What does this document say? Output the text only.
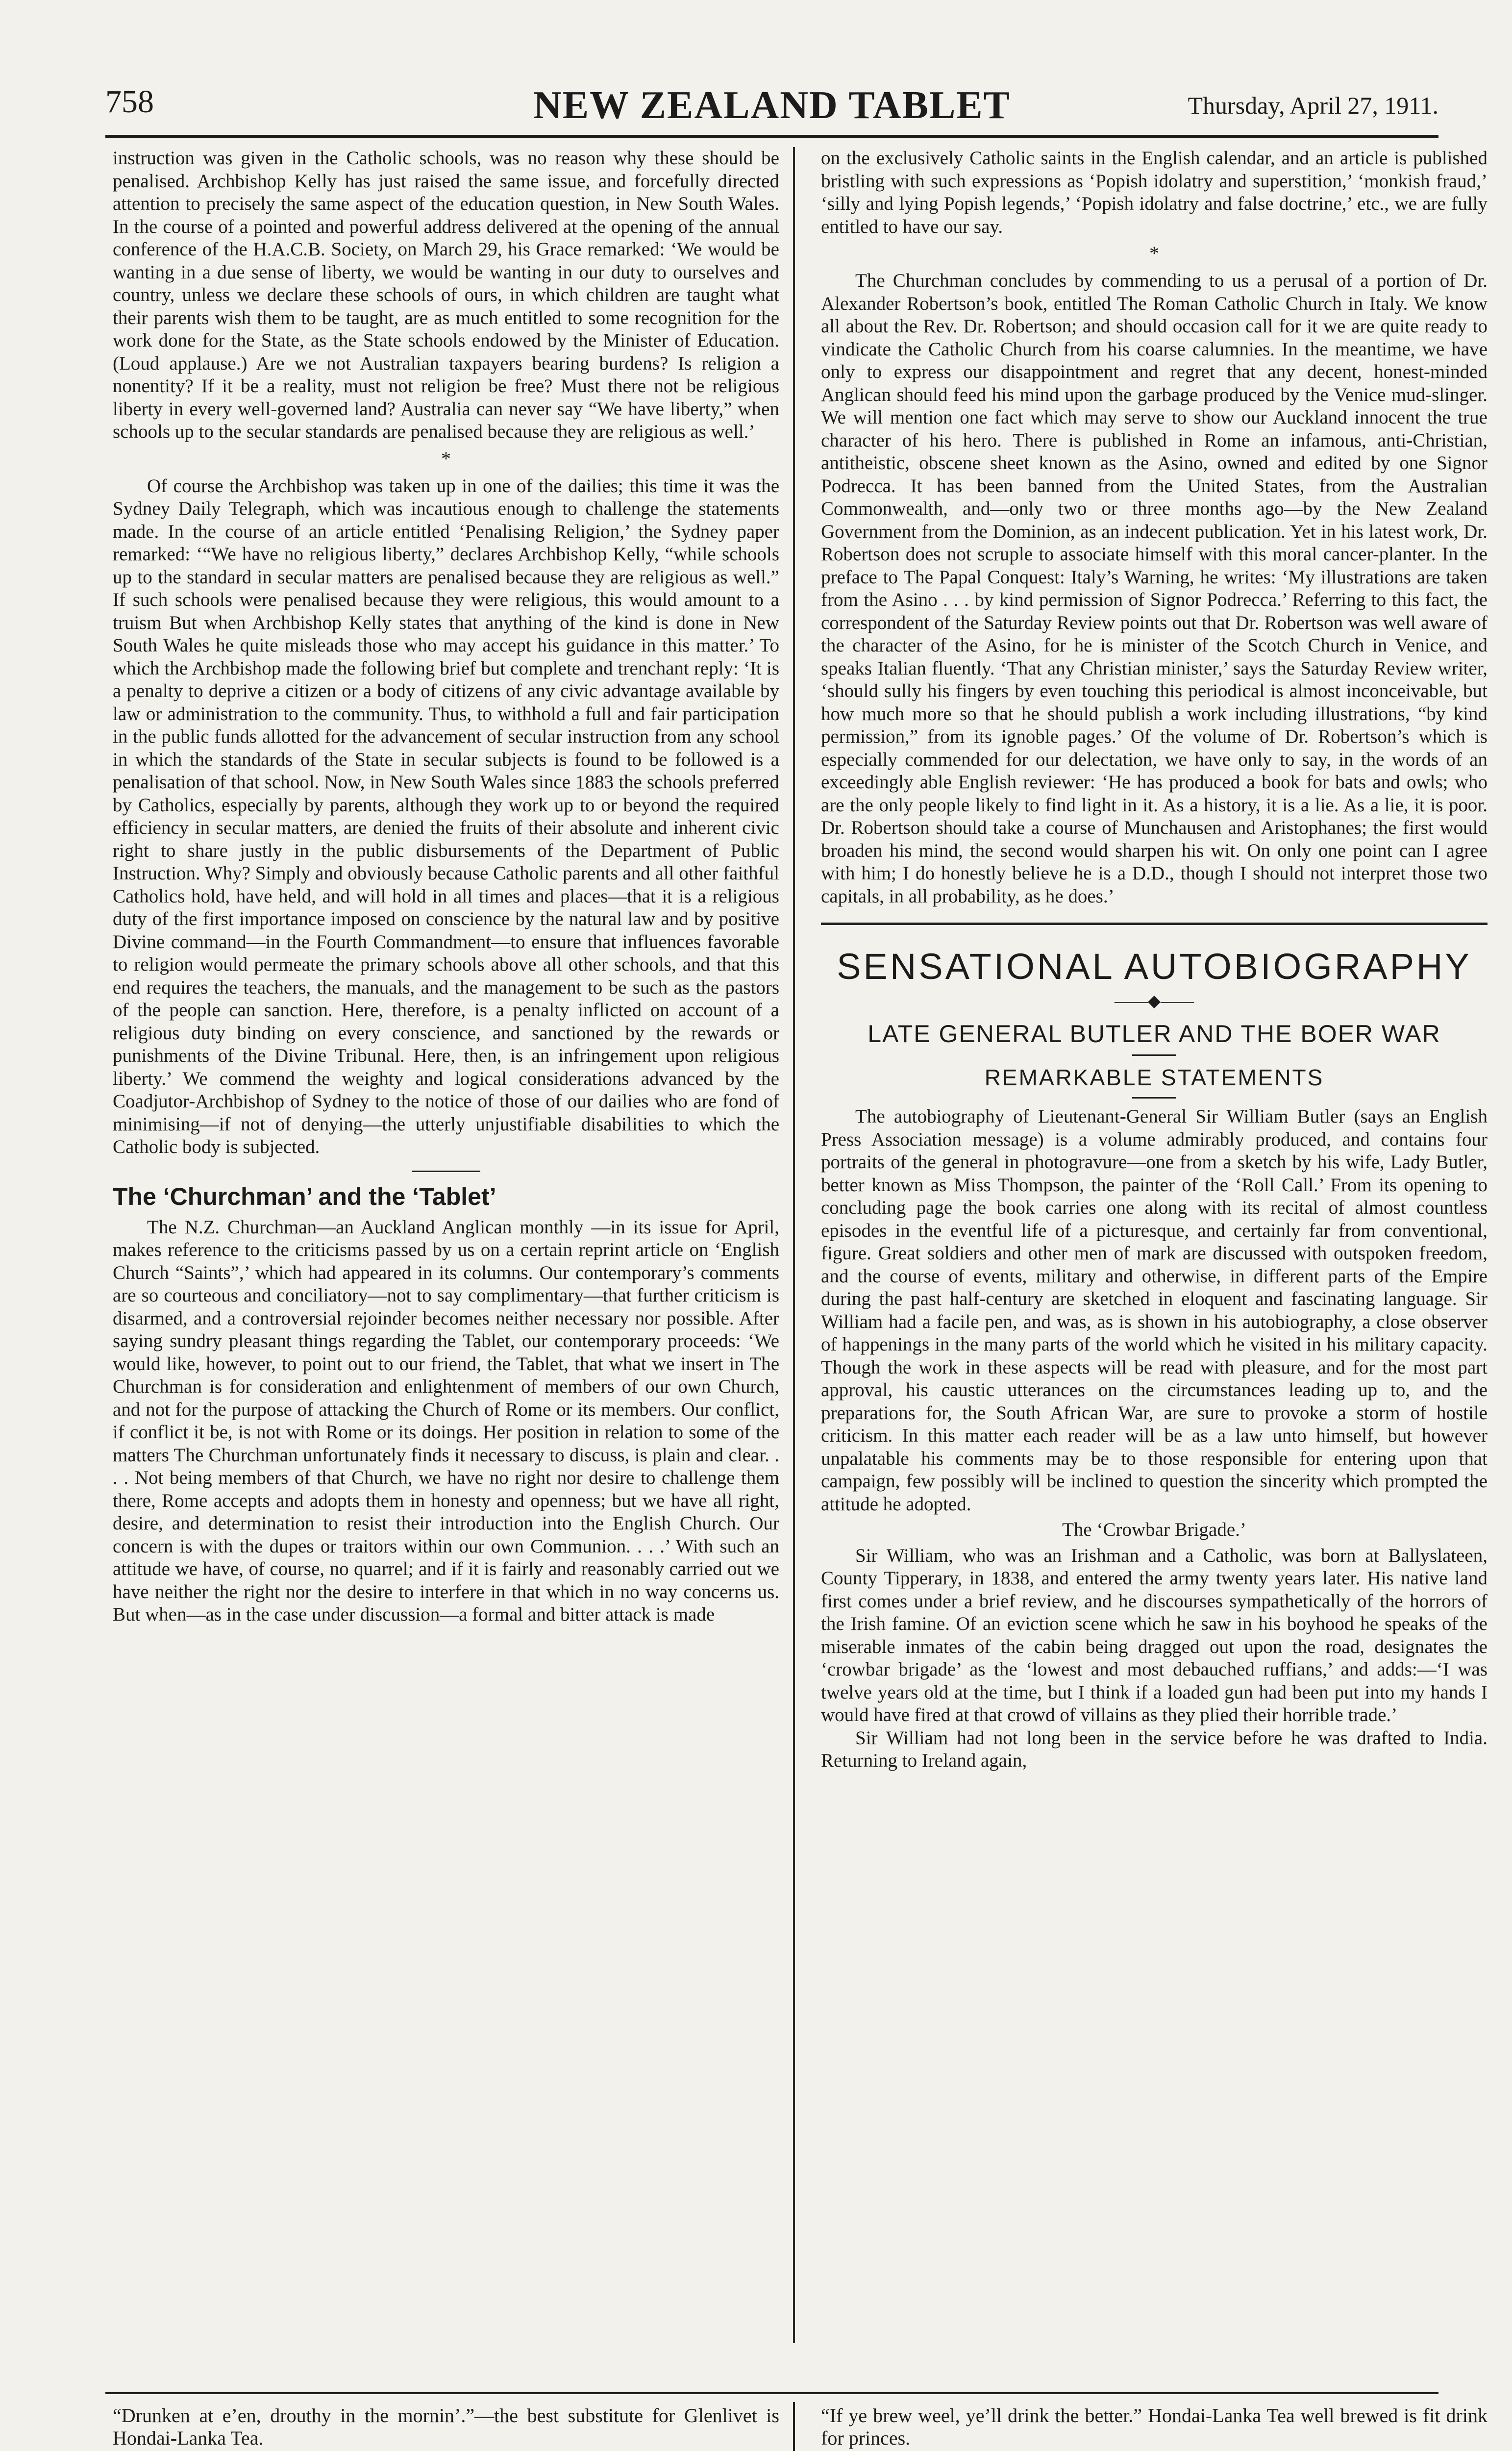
758	NEW ZEALAND TABLET	Thursday, April 27, 1911.

instruction was given in the Catholic schools, was no reason why these should be penalised. Archbishop Kelly has just raised the same issue, and forcefully directed attention to precisely the same aspect of the education question, in New South Wales. In the course of a pointed and powerful address delivered at the opening of the annual conference of the H.A.C.B. Society, on March 29, his Grace remarked: ‘We would be wanting in a due sense of liberty, we would be wanting in our duty to ourselves and country, unless we declare these schools of ours, in which children are taught what their parents wish them to be taught, are as much entitled to some recognition for the work done for the State, as the State schools endowed by the Minister of Education. (Loud applause.) Are we not Australian taxpayers bearing burdens? Is religion a nonentity? If it be a reality, must not religion be free? Must there not be religious liberty in every well-governed land? Australia can never say “We have liberty,” when schools up to the secular standards are penalised because they are religious as well.’

*

Of course the Archbishop was taken up in one of the dailies; this time it was the Sydney Daily Telegraph, which was incautious enough to challenge the statements made. In the course of an article entitled ‘Penalising Religion,’ the Sydney paper remarked: ‘“We have no religious liberty,” declares Archbishop Kelly, “while schools up to the standard in secular matters are penalised because they are religious as well.” If such schools were penalised because they were religious, this would amount to a truism But when Archbishop Kelly states that anything of the kind is done in New South Wales he quite misleads those who may accept his guidance in this matter.’ To which the Archbishop made the following brief but complete and trenchant reply: ‘It is a penalty to deprive a citizen or a body of citizens of any civic advantage available by law or administration to the community. Thus, to withhold a full and fair participation in the public funds allotted for the advancement of secular instruction from any school in which the standards of the State in secular subjects is found to be followed is a penalisation of that school. Now, in New South Wales since 1883 the schools preferred by Catholics, especially by parents, although they work up to or beyond the required efficiency in secular matters, are denied the fruits of their absolute and inherent civic right to share justly in the public disbursements of the Department of Public Instruction. Why? Simply and obviously because Catholic parents and all other faithful Catholics hold, have held, and will hold in all times and places—that it is a religious duty of the first importance imposed on conscience by the natural law and by positive Divine command—in the Fourth Commandment—to ensure that influences favorable to religion would permeate the primary schools above all other schools, and that this end requires the teachers, the manuals, and the management to be such as the pastors of the people can sanction. Here, therefore, is a penalty inflicted on account of a religious duty binding on every conscience, and sanctioned by the rewards or punishments of the Divine Tribunal. Here, then, is an infringement upon religious liberty.’ We commend the weighty and logical considerations advanced by the Coadjutor-Archbishop of Sydney to the notice of those of our dailies who are fond of minimising—if not of denying—the utterly unjustifiable disabilities to which the Catholic body is subjected.

The ‘Churchman’ and the ‘Tablet’

The N.Z. Churchman—an Auckland Anglican monthly —in its issue for April, makes reference to the criticisms passed by us on a certain reprint article on ‘English Church “Saints”,’ which had appeared in its columns. Our contemporary’s comments are so courteous and conciliatory—not to say complimentary—that further criticism is disarmed, and a controversial rejoinder becomes neither necessary nor possible. After saying sundry pleasant things regarding the Tablet, our contemporary proceeds: ‘We would like, however, to point out to our friend, the Tablet, that what we insert in The Churchman is for consideration and enlightenment of members of our own Church, and not for the purpose of attacking the Church of Rome or its members. Our conflict, if conflict it be, is not with Rome or its doings. Her position in relation to some of the matters The Churchman unfortunately finds it necessary to discuss, is plain and clear. . . . Not being members of that Church, we have no right nor desire to challenge them there, Rome accepts and adopts them in honesty and openness; but we have all right, desire, and determination to resist their introduction into the English Church. Our concern is with the dupes or traitors within our own Communion. . . .’ With such an attitude we have, of course, no quarrel; and if it is fairly and reasonably carried out we have neither the right nor the desire to interfere in that which in no way concerns us. But when—as in the case under discussion—a formal and bitter attack is made

on the exclusively Catholic saints in the English calendar, and an article is published bristling with such expressions as ‘Popish idolatry and superstition,’ ‘monkish fraud,’ ‘silly and lying Popish legends,’ ‘Popish idolatry and false doctrine,’ etc., we are fully entitled to have our say.

*

The Churchman concludes by commending to us a perusal of a portion of Dr. Alexander Robertson’s book, entitled The Roman Catholic Church in Italy. We know all about the Rev. Dr. Robertson; and should occasion call for it we are quite ready to vindicate the Catholic Church from his coarse calumnies. In the meantime, we have only to express our disappointment and regret that any decent, honest-minded Anglican should feed his mind upon the garbage produced by the Venice mud-slinger. We will mention one fact which may serve to show our Auckland innocent the true character of his hero. There is published in Rome an infamous, anti-Christian, antitheistic, obscene sheet known as the Asino, owned and edited by one Signor Podrecca. It has been banned from the United States, from the Australian Commonwealth, and—only two or three months ago—by the New Zealand Government from the Dominion, as an indecent publication. Yet in his latest work, Dr. Robertson does not scruple to associate himself with this moral cancer-planter. In the preface to The Papal Conquest: Italy’s Warning, he writes: ‘My illustrations are taken from the Asino . . . by kind permission of Signor Podrecca.’ Referring to this fact, the correspondent of the Saturday Review points out that Dr. Robertson was well aware of the character of the Asino, for he is minister of the Scotch Church in Venice, and speaks Italian fluently. ‘That any Christian minister,’ says the Saturday Review writer, ‘should sully his fingers by even touching this periodical is almost inconceivable, but how much more so that he should publish a work including illustrations, “by kind permission,” from its ignoble pages.’ Of the volume of Dr. Robertson’s which is especially commended for our delectation, we have only to say, in the words of an exceedingly able English reviewer: ‘He has produced a book for bats and owls; who are the only people likely to find light in it. As a history, it is a lie. As a lie, it is poor. Dr. Robertson should take a course of Munchausen and Aristophanes; the first would broaden his mind, the second would sharpen his wit. On only one point can I agree with him; I do honestly believe he is a D.D., though I should not interpret those two capitals, in all probability, as he does.’

SENSATIONAL AUTOBIOGRAPHY
——◆——
LATE GENERAL BUTLER AND THE BOER WAR
REMARKABLE STATEMENTS

The autobiography of Lieutenant-General Sir William Butler (says an English Press Association message) is a volume admirably produced, and contains four portraits of the general in photogravure—one from a sketch by his wife, Lady Butler, better known as Miss Thompson, the painter of the ‘Roll Call.’ From its opening to concluding page the book carries one along with its recital of almost countless episodes in the eventful life of a picturesque, and certainly far from conventional, figure. Great soldiers and other men of mark are discussed with outspoken freedom, and the course of events, military and otherwise, in different parts of the Empire during the past half-century are sketched in eloquent and fascinating language. Sir William had a facile pen, and was, as is shown in his autobiography, a close observer of happenings in the many parts of the world which he visited in his military capacity. Though the work in these aspects will be read with pleasure, and for the most part approval, his caustic utterances on the circumstances leading up to, and the preparations for, the South African War, are sure to provoke a storm of hostile criticism. In this matter each reader will be as a law unto himself, but however unpalatable his comments may be to those responsible for entering upon that campaign, few possibly will be inclined to question the sincerity which prompted the attitude he adopted.

The ‘Crowbar Brigade.’

Sir William, who was an Irishman and a Catholic, was born at Ballyslateen, County Tipperary, in 1838, and entered the army twenty years later. His native land first comes under a brief review, and he discourses sympathetically of the horrors of the Irish famine. Of an eviction scene which he saw in his boyhood he speaks of the miserable inmates of the cabin being dragged out upon the road, designates the ‘crowbar brigade’ as the ‘lowest and most debauched ruffians,’ and adds:—‘I was twelve years old at the time, but I think if a loaded gun had been put into my hands I would have fired at that crowd of villains as they plied their horrible trade.’

Sir William had not long been in the service before he was drafted to India. Returning to Ireland again,

“Drunken at e’en, drouthy in the mornin’.”—the best substitute for Glenlivet is Hondai-Lanka Tea.
“If ye brew weel, ye’ll drink the better.” Hondai-Lanka Tea well brewed is fit drink for princes.
